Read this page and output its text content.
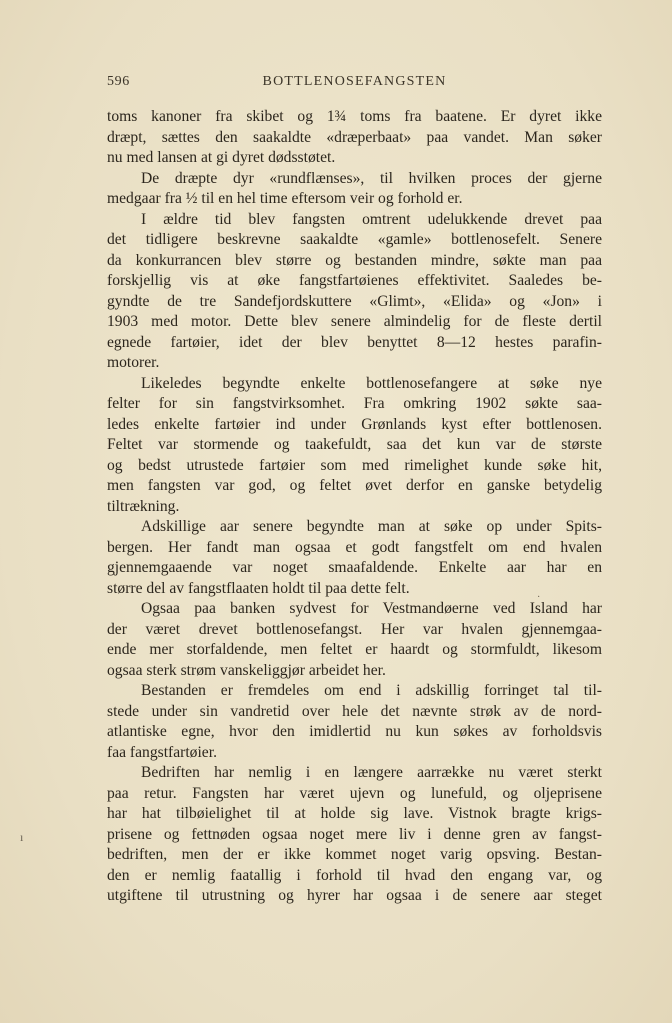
596	BOTTLENOSEFANGSTEN
toms kanoner fra skibet og 1¾ toms fra baatene. Er dyret ikke
dræpt, sættes den saakaldte «dræperbaat» paa vandet. Man søker
nu med lansen at gi dyret dødsstøtet.
De dræpte dyr «rundflænses», til hvilken proces der gjerne
medgaar fra ½ til en hel time eftersom veir og forhold er.
I ældre tid blev fangsten omtrent udelukkende drevet paa
det tidligere beskrevne saakaldte «gamle» bottlenosefelt. Senere
da konkurrancen blev større og bestanden mindre, søkte man paa
forskjellig vis at øke fangstfartøienes effektivitet. Saaledes be-
gyndte de tre Sandefjordskuttere «Glimt», «Elida» og «Jon» i
1903 med motor. Dette blev senere almindelig for de fleste dertil
egnede fartøier, idet der blev benyttet 8—12 hestes parafin-
motorer.
Likeledes begyndte enkelte bottlenosefangere at søke nye
felter for sin fangstvirksomhet. Fra omkring 1902 søkte saa-
ledes enkelte fartøier ind under Grønlands kyst efter bottlenosen.
Feltet var stormende og taakefuldt, saa det kun var de største
og bedst utrustede fartøier som med rimelighet kunde søke hit,
men fangsten var god, og feltet øvet derfor en ganske betydelig
tiltrækning.
Adskillige aar senere begyndte man at søke op under Spits-
bergen. Her fandt man ogsaa et godt fangstfelt om end hvalen
gjennemgaaende var noget smaafaldende. Enkelte aar har en
større del av fangstflaaten holdt til paa dette felt.
Ogsaa paa banken sydvest for Vestmandøerne ved Island har
der været drevet bottlenosefangst. Her var hvalen gjennemgaa-
ende mer storfaldende, men feltet er haardt og stormfuldt, likesom
ogsaa sterk strøm vanskeliggjør arbeidet her.
Bestanden er fremdeles om end i adskillig forringet tal til-
stede under sin vandretid over hele det nævnte strøk av de nord-
atlantiske egne, hvor den imidlertid nu kun søkes av forholdsvis
faa fangstfartøier.
Bedriften har nemlig i en længere aarrække nu været sterkt
paa retur. Fangsten har været ujevn og lunefuld, og oljeprisene
har hat tilbøielighet til at holde sig lave. Vistnok bragte krigs-
prisene og fettnøden ogsaa noget mere liv i denne gren av fangst-
bedriften, men der er ikke kommet noget varig opsving. Bestan-
den er nemlig faatallig i forhold til hvad den engang var, og
utgiftene til utrustning og hyrer har ogsaa i de senere aar steget
·
ı
